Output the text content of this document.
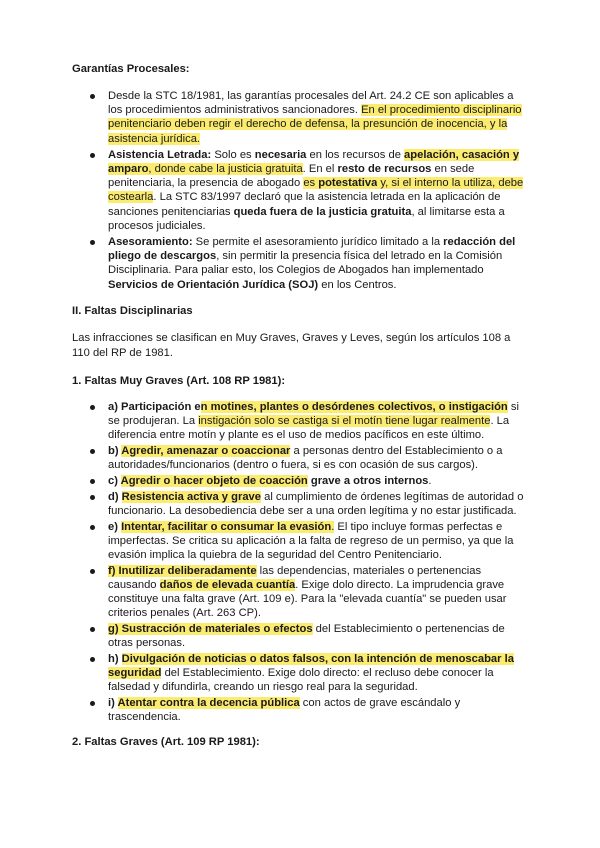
Garantías Procesales:

Desde la STC 18/1981, las garantías procesales del Art. 24.2 CE son aplicables a los procedimientos administrativos sancionadores. En el procedimiento disciplinario penitenciario deben regir el derecho de defensa, la presunción de inocencia, y la asistencia jurídica.
Asistencia Letrada: Solo es necesaria en los recursos de apelación, casación y amparo, donde cabe la justicia gratuita. En el resto de recursos en sede penitenciaria, la presencia de abogado es potestativa y, si el interno la utiliza, debe costearla. La STC 83/1997 declaró que la asistencia letrada en la aplicación de sanciones penitenciarias queda fuera de la justicia gratuita, al limitarse esta a procesos judiciales.
Asesoramiento: Se permite el asesoramiento jurídico limitado a la redacción del pliego de descargos, sin permitir la presencia física del letrado en la Comisión Disciplinaria. Para paliar esto, los Colegios de Abogados han implementado Servicios de Orientación Jurídica (SOJ) en los Centros.

II. Faltas Disciplinarias

Las infracciones se clasifican en Muy Graves, Graves y Leves, según los artículos 108 a 110 del RP de 1981.

1. Faltas Muy Graves (Art. 108 RP 1981):

a) Participación en motines, plantes o desórdenes colectivos, o instigación si se produjeran. La instigación solo se castiga si el motín tiene lugar realmente. La diferencia entre motín y plante es el uso de medios pacíficos en este último.
b) Agredir, amenazar o coaccionar a personas dentro del Establecimiento o a autoridades/funcionarios (dentro o fuera, si es con ocasión de sus cargos).
c) Agredir o hacer objeto de coacción grave a otros internos.
d) Resistencia activa y grave al cumplimiento de órdenes legítimas de autoridad o funcionario. La desobediencia debe ser a una orden legítima y no estar justificada.
e) Intentar, facilitar o consumar la evasión. El tipo incluye formas perfectas e imperfectas. Se critica su aplicación a la falta de regreso de un permiso, ya que la evasión implica la quiebra de la seguridad del Centro Penitenciario.
f) Inutilizar deliberadamente las dependencias, materiales o pertenencias causando daños de elevada cuantía. Exige dolo directo. La imprudencia grave constituye una falta grave (Art. 109 e). Para la "elevada cuantía" se pueden usar criterios penales (Art. 263 CP).
g) Sustracción de materiales o efectos del Establecimiento o pertenencias de otras personas.
h) Divulgación de noticias o datos falsos, con la intención de menoscabar la seguridad del Establecimiento. Exige dolo directo: el recluso debe conocer la falsedad y difundirla, creando un riesgo real para la seguridad.
i) Atentar contra la decencia pública con actos de grave escándalo y trascendencia.

2. Faltas Graves (Art. 109 RP 1981):
